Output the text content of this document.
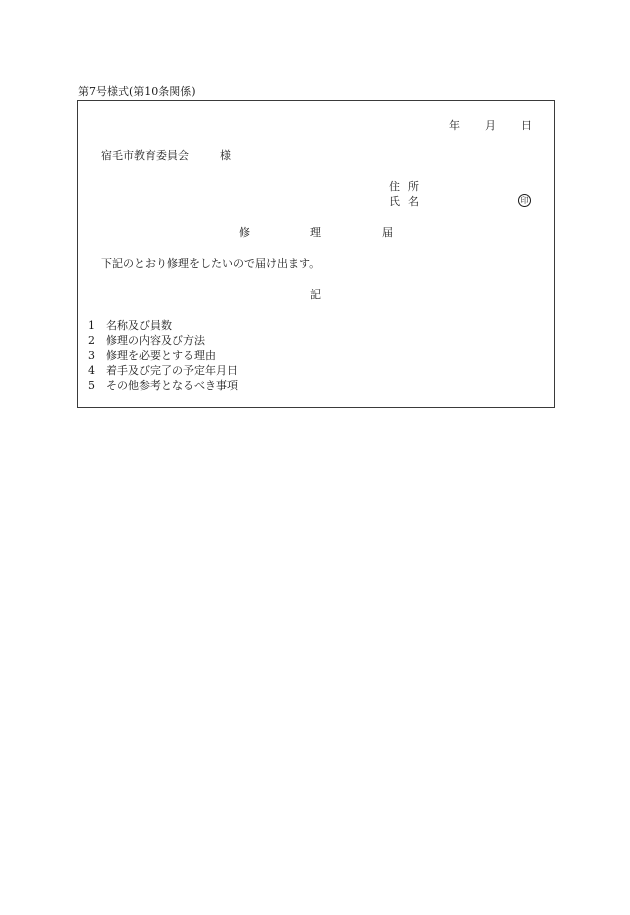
第7号様式(第10条関係)
年 月 日
宿毛市教育委員会	様
住所
氏名	印
修	理	届
下記のとおり修理をしたいので届け出ます。
記
1 名称及び員数
2 修理の内容及び方法
3 修理を必要とする理由
4 着手及び完了の予定年月日
5 その他参考となるべき事項
